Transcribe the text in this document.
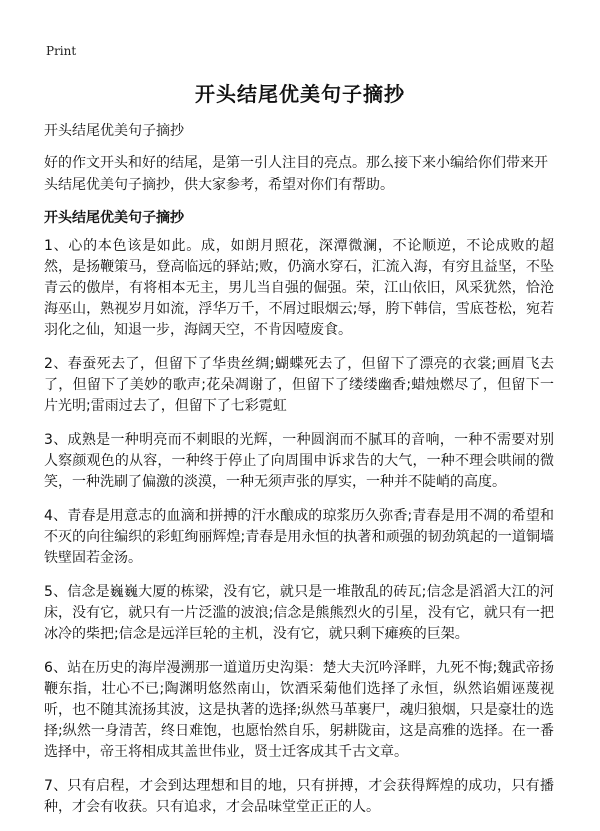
Print
开头结尾优美句子摘抄

开头结尾优美句子摘抄

好的作文开头和好的结尾，是第一引人注目的亮点。那么接下来小编给你们带来开头结尾优美句子摘抄，供大家参考，希望对你们有帮助。

开头结尾优美句子摘抄
1、心的本色该是如此。成，如朗月照花，深潭微澜，不论顺逆，不论成败的超然，是扬鞭策马，登高临远的驿站;败，仍滴水穿石，汇流入海，有穷且益坚，不坠青云的傲岸，有将相本无主，男儿当自强的倔强。荣，江山依旧，风采犹然，恰沧海巫山，熟视岁月如流，浮华万千，不屑过眼烟云;辱，胯下韩信，雪底苍松，宛若羽化之仙，知退一步，海阔天空，不肯因噎废食。
2、春蚕死去了，但留下了华贵丝绸;蝴蝶死去了，但留下了漂亮的衣裳;画眉飞去了，但留下了美妙的歌声;花朵凋谢了，但留下了缕缕幽香;蜡烛燃尽了，但留下一片光明;雷雨过去了，但留下了七彩霓虹
3、成熟是一种明亮而不刺眼的光辉，一种圆润而不腻耳的音响，一种不需要对别人察颜观色的从容，一种终于停止了向周围申诉求告的大气，一种不理会哄闹的微笑，一种洗刷了偏激的淡漠，一种无须声张的厚实，一种并不陡峭的高度。
4、青春是用意志的血滴和拼搏的汗水酿成的琼浆历久弥香;青春是用不凋的希望和不灭的向往编织的彩虹绚丽辉煌;青春是用永恒的执著和顽强的韧劲筑起的一道铜墙铁壁固若金汤。
5、信念是巍巍大厦的栋梁，没有它，就只是一堆散乱的砖瓦;信念是滔滔大江的河床，没有它，就只有一片泛滥的波浪;信念是熊熊烈火的引星，没有它，就只有一把冰冷的柴把;信念是远洋巨轮的主机，没有它，就只剩下瘫痪的巨架。
6、站在历史的海岸漫溯那一道道历史沟渠：楚大夫沉吟泽畔，九死不悔;魏武帝扬鞭东指，壮心不已;陶渊明悠然南山，饮酒采菊他们选择了永恒，纵然谄媚诬蔑视听，也不随其流扬其波，这是执著的选择;纵然马革裹尸，魂归狼烟，只是豪壮的选择;纵然一身清苦，终日难饱，也愿怡然自乐，躬耕陇亩，这是高雅的选择。在一番选择中，帝王将相成其盖世伟业，贤士迁客成其千古文章。
7、只有启程，才会到达理想和目的地，只有拼搏，才会获得辉煌的成功，只有播种，才会有收获。只有追求，才会品味堂堂正正的人。
